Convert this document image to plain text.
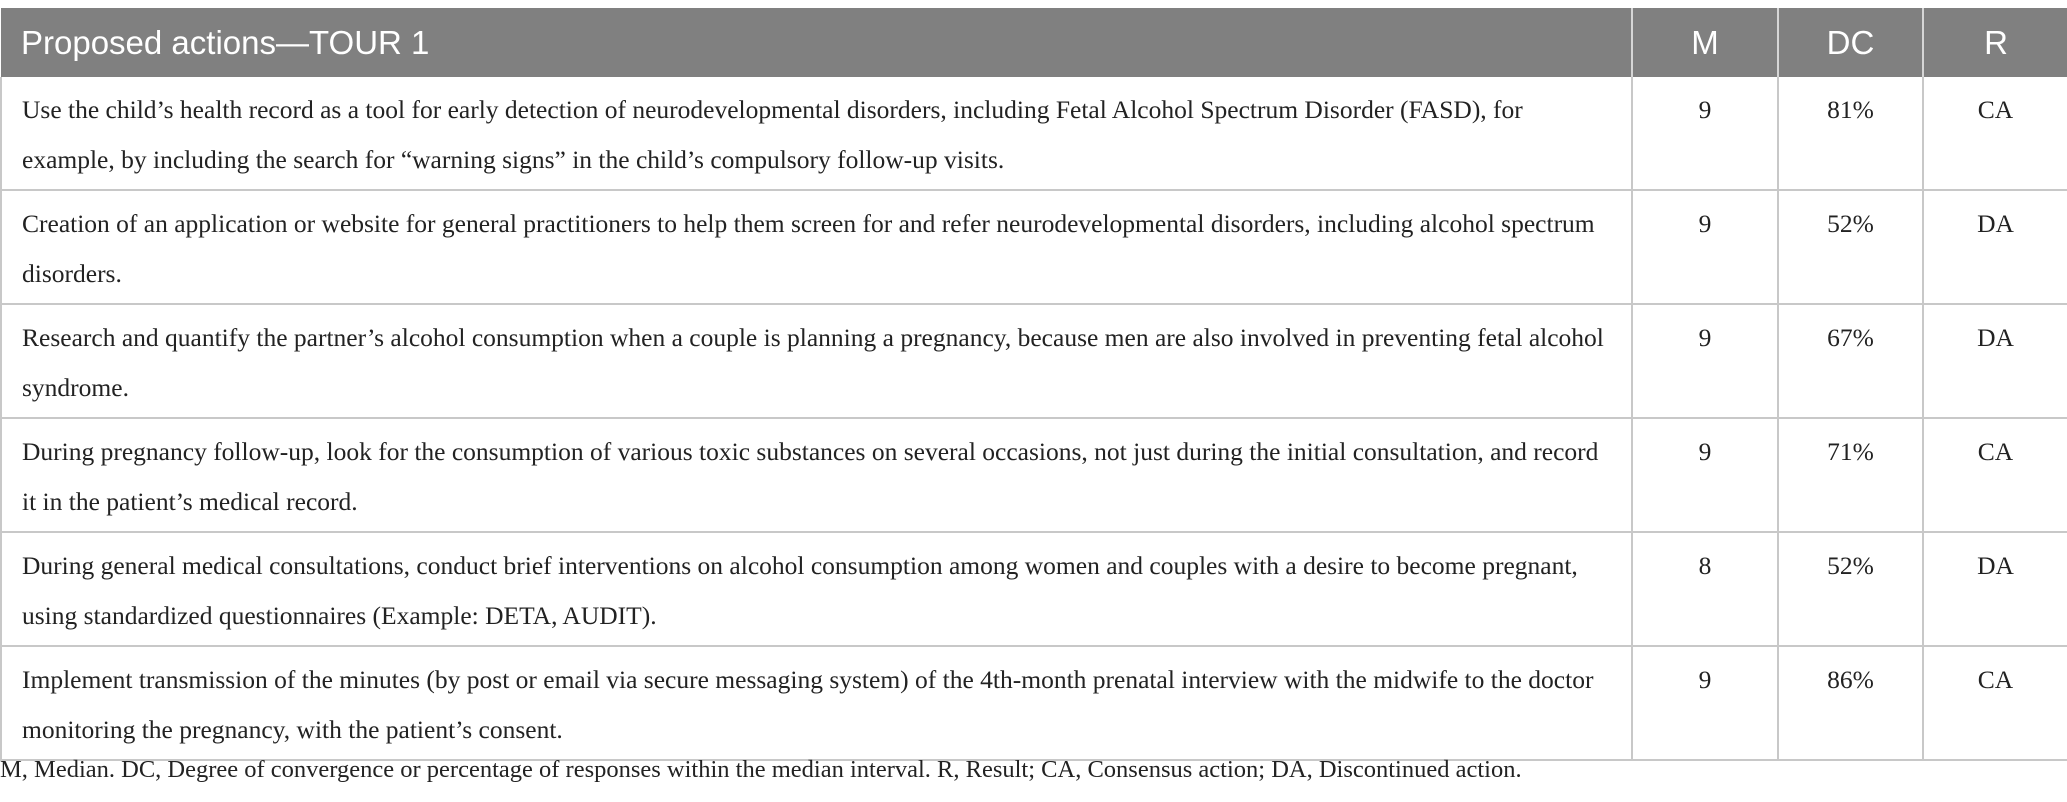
Proposed actions—TOUR 1	M	DC	R
Use the child’s health record as a tool for early detection of neurodevelopmental disorders, including Fetal Alcohol Spectrum Disorder (FASD), for example, by including the search for “warning signs” in the child’s compulsory follow-up visits.	9	81%	CA
Creation of an application or website for general practitioners to help them screen for and refer neurodevelopmental disorders, including alcohol spectrum disorders.	9	52%	DA
Research and quantify the partner’s alcohol consumption when a couple is planning a pregnancy, because men are also involved in preventing fetal alcohol syndrome.	9	67%	DA
During pregnancy follow-up, look for the consumption of various toxic substances on several occasions, not just during the initial consultation, and record it in the patient’s medical record.	9	71%	CA
During general medical consultations, conduct brief interventions on alcohol consumption among women and couples with a desire to become pregnant, using standardized questionnaires (Example: DETA, AUDIT).	8	52%	DA
Implement transmission of the minutes (by post or email via secure messaging system) of the 4th-month prenatal interview with the midwife to the doctor monitoring the pregnancy, with the patient’s consent.	9	86%	CA
M, Median. DC, Degree of convergence or percentage of responses within the median interval. R, Result; CA, Consensus action; DA, Discontinued action.
